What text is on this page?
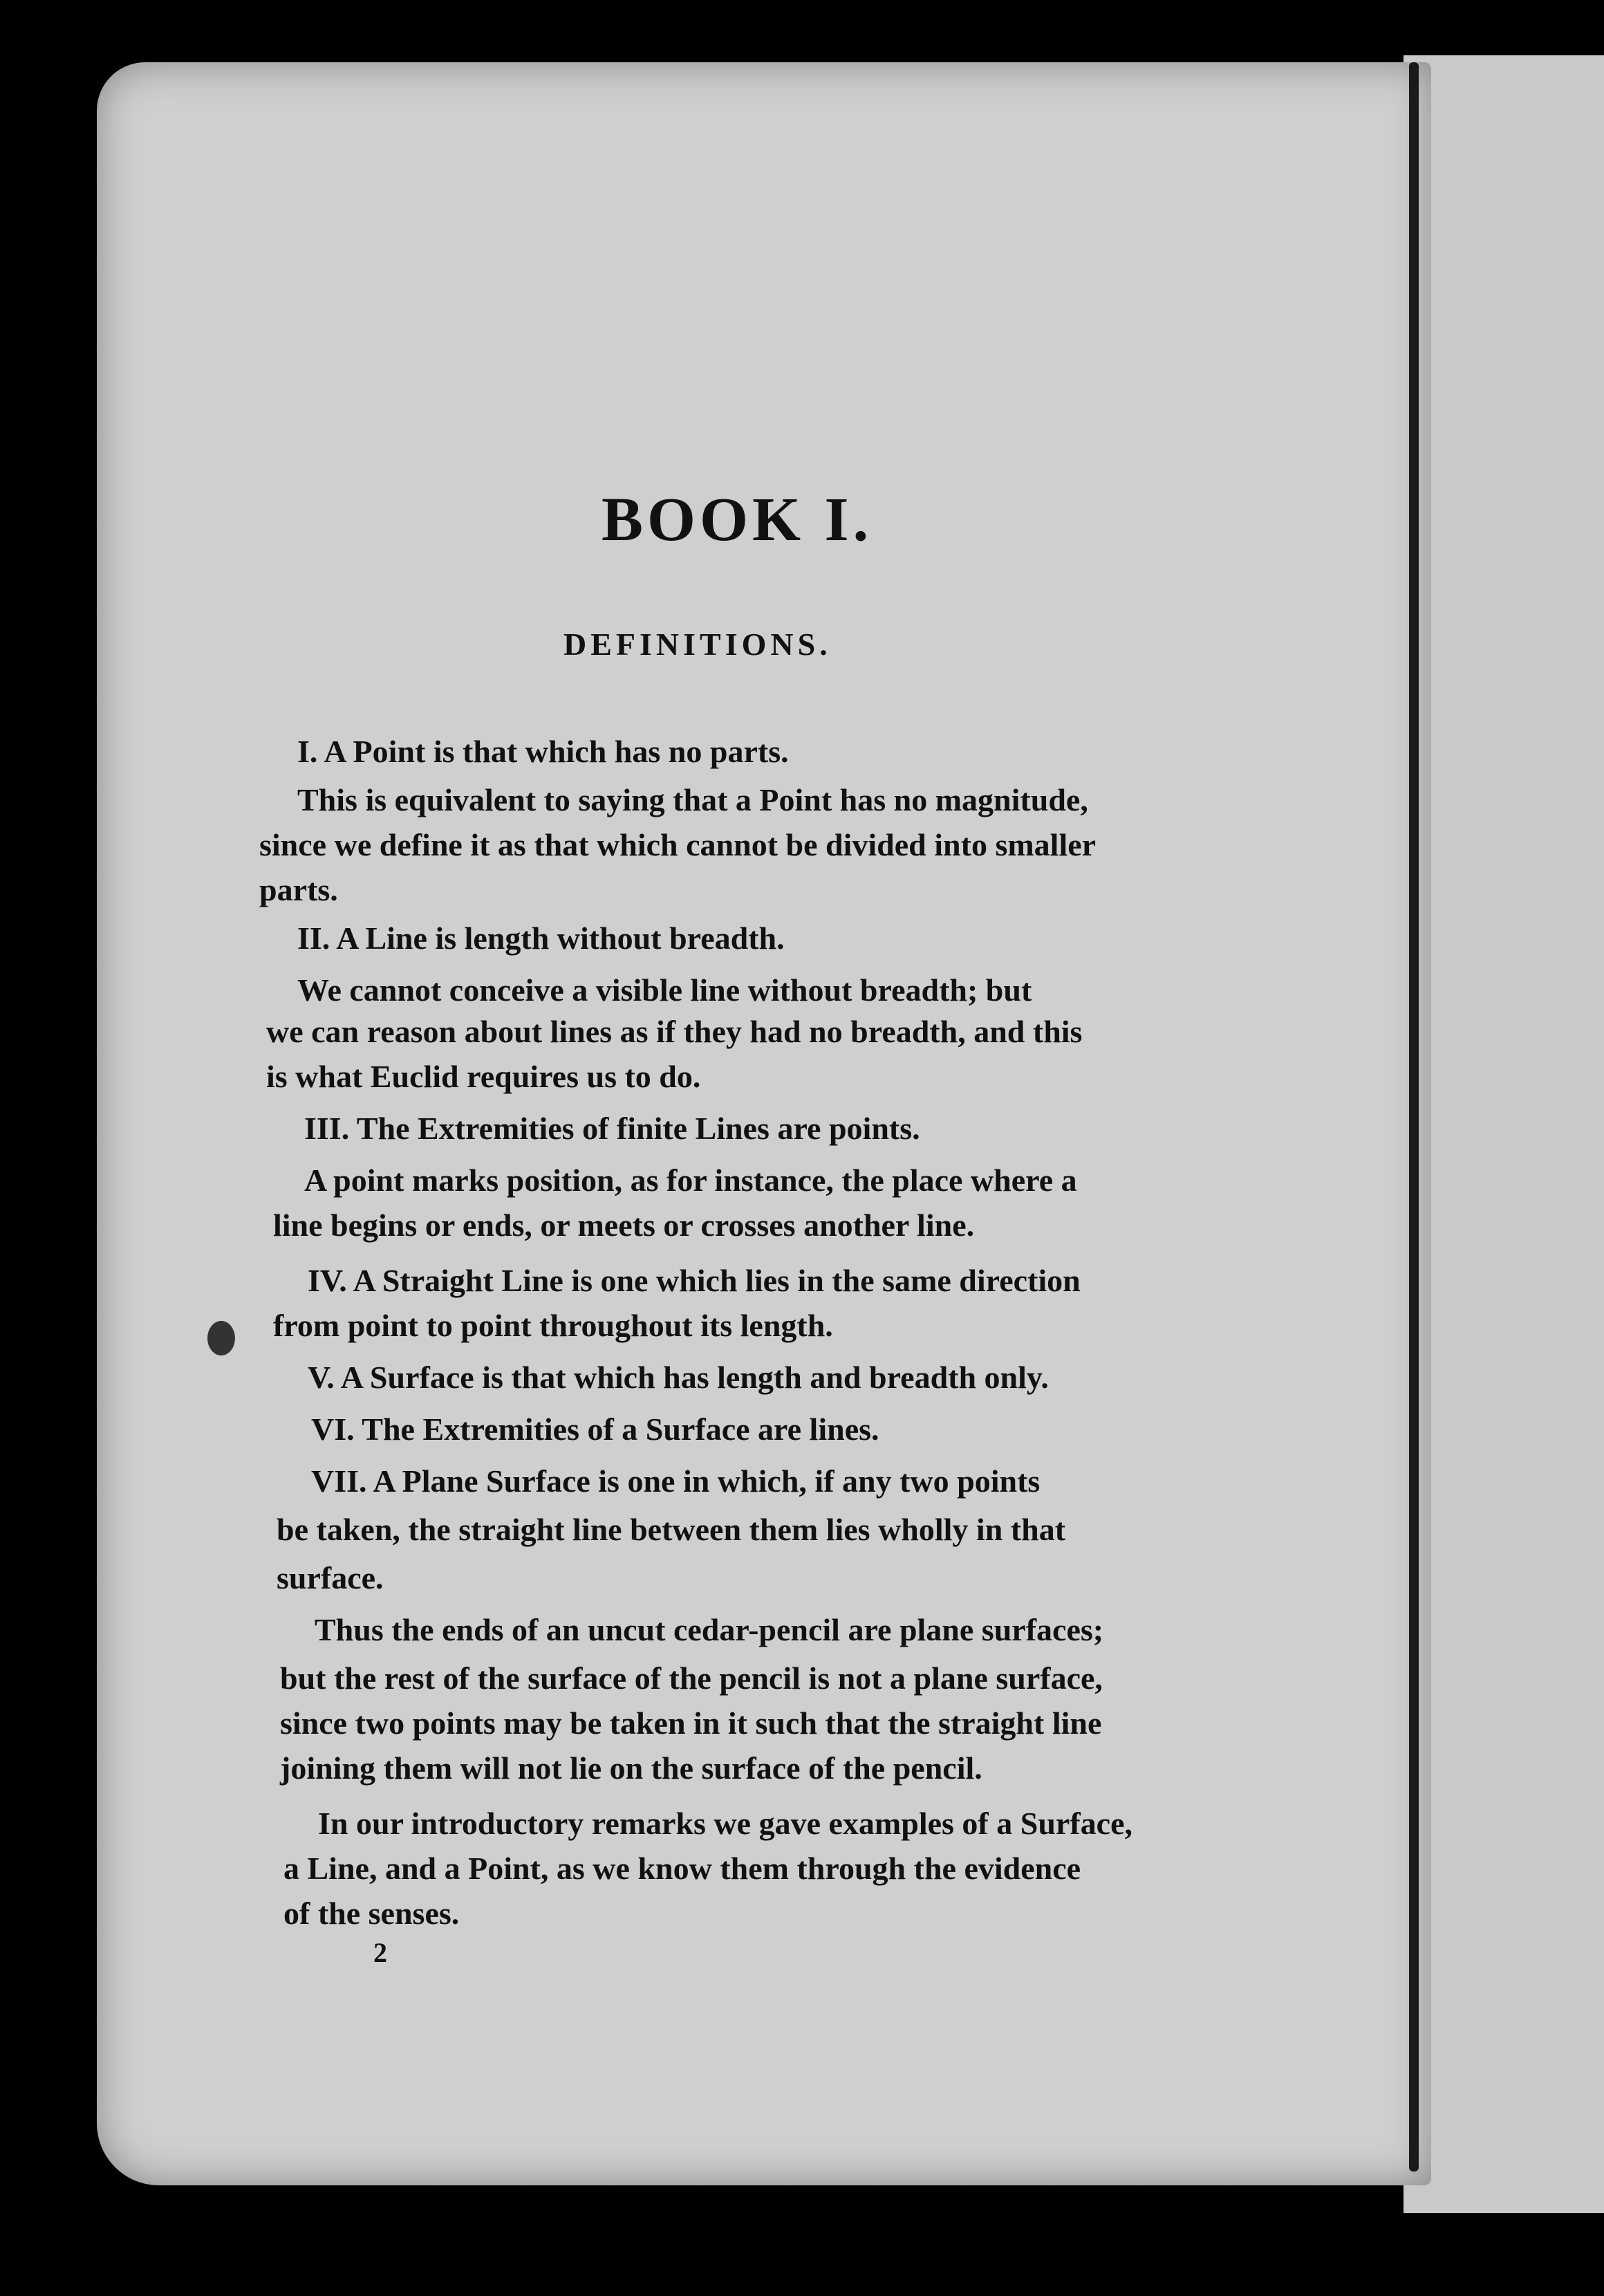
BOOK I.
DEFINITIONS.
I. A Point is that which has no parts.
This is equivalent to saying that a Point has no magnitude,
since we define it as that which cannot be divided into smaller
parts.
II. A Line is length without breadth.
We cannot conceive a visible line without breadth; but
we can reason about lines as if they had no breadth, and this
is what Euclid requires us to do.
III. The Extremities of finite Lines are points.
A point marks position, as for instance, the place where a
line begins or ends, or meets or crosses another line.
IV. A Straight Line is one which lies in the same direction
from point to point throughout its length.
V. A Surface is that which has length and breadth only.
VI. The Extremities of a Surface are lines.
VII. A Plane Surface is one in which, if any two points
be taken, the straight line between them lies wholly in that
surface.
Thus the ends of an uncut cedar-pencil are plane surfaces;
but the rest of the surface of the pencil is not a plane surface,
since two points may be taken in it such that the straight line
joining them will not lie on the surface of the pencil.
In our introductory remarks we gave examples of a Surface,
a Line, and a Point, as we know them through the evidence
of the senses.
2
